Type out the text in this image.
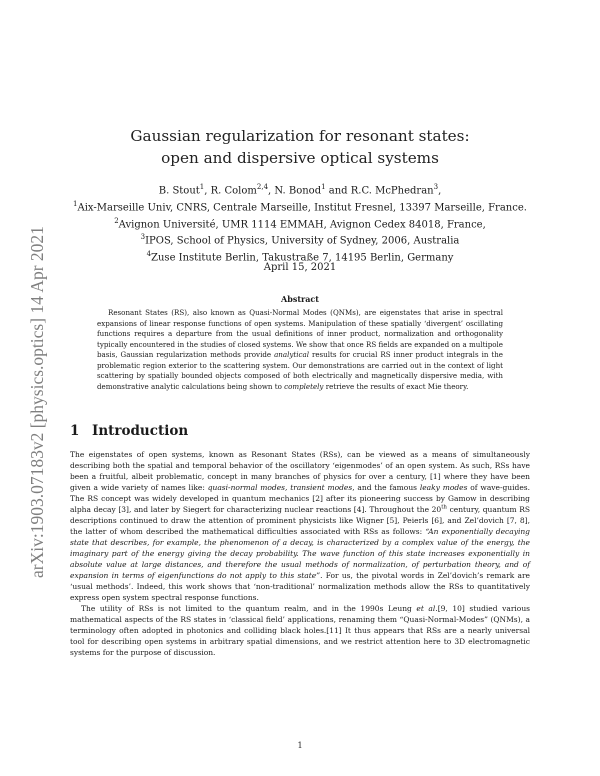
arXiv:1903.07183v2 [physics.optics] 14 Apr 2021
Gaussian regularization for resonant states:
open and dispersive optical systems
B. Stout$^1$, R. Colom$^{2,4}$, N. Bonod$^1$ and R.C. McPhedran$^3$,
$^1$Aix-Marseille Univ, CNRS, Centrale Marseille, Institut Fresnel, 13397 Marseille, France.
$^2$Avignon Université, UMR 1114 EMMAH, Avignon Cedex 84018, France,
$^3$IPOS, School of Physics, University of Sydney, 2006, Australia
$^4$Zuse Institute Berlin, Takustraße 7, 14195 Berlin, Germany
April 15, 2021
Abstract
Resonant States (RS), also known as Quasi-Normal Modes (QNMs), are eigenstates that arise in spectral expansions of linear response functions of open systems. Manipulation of these spatially ‘divergent’ oscillating functions requires a departure from the usual definitions of inner product, normalization and orthogonality typically encountered in the studies of closed systems. We show that once RS fields are expanded on a multipole basis, Gaussian regularization methods provide analytical results for crucial RS inner product integrals in the problematic region exterior to the scattering system. Our demonstrations are carried out in the context of light scattering by spatially bounded objects composed of both electrically and magnetically dispersive media, with demonstrative analytic calculations being shown to completely retrieve the results of exact Mie theory.
1 Introduction

The eigenstates of open systems, known as Resonant States (RSs), can be viewed as a means of simultaneously describing both the spatial and temporal behavior of the oscillatory ‘eigenmodes’ of an open system. As such, RSs have been a fruitful, albeit problematic, concept in many branches of physics for over a century, [1] where they have been given a wide variety of names like: quasi-normal modes, transient modes, and the famous leaky modes of wave-guides. The RS concept was widely developed in quantum mechanics [2] after its pioneering success by Gamow in describing alpha decay [3], and later by Siegert for characterizing nuclear reactions [4]. Throughout the 20th century, quantum RS descriptions continued to draw the attention of prominent physicists like Wigner [5], Peierls [6], and Zel’dovich [7, 8], the latter of whom described the mathematical difficulties associated with RSs as follows: “An exponentially decaying state that describes, for example, the phenomenon of a decay, is characterized by a complex value of the energy, the imaginary part of the energy giving the decay probability. The wave function of this state increases exponentially in absolute value at large distances, and therefore the usual methods of normalization, of perturbation theory, and of expansion in terms of eigenfunctions do not apply to this state”. For us, the pivotal words in Zel’dovich’s remark are ‘usual methods’. Indeed, this work shows that ‘non-traditional’ normalization methods allow the RSs to quantitatively express open system spectral response functions.

The utility of RSs is not limited to the quantum realm, and in the 1990s Leung et al.[9, 10] studied various mathematical aspects of the RS states in ‘classical field’ applications, renaming them “Quasi-Normal-Modes” (QNMs), a terminology often adopted in photonics and colliding black holes.[11] It thus appears that RSs are a nearly universal tool for describing open systems in arbitrary spatial dimensions, and we restrict attention here to 3D electromagnetic systems for the purpose of discussion.

1
